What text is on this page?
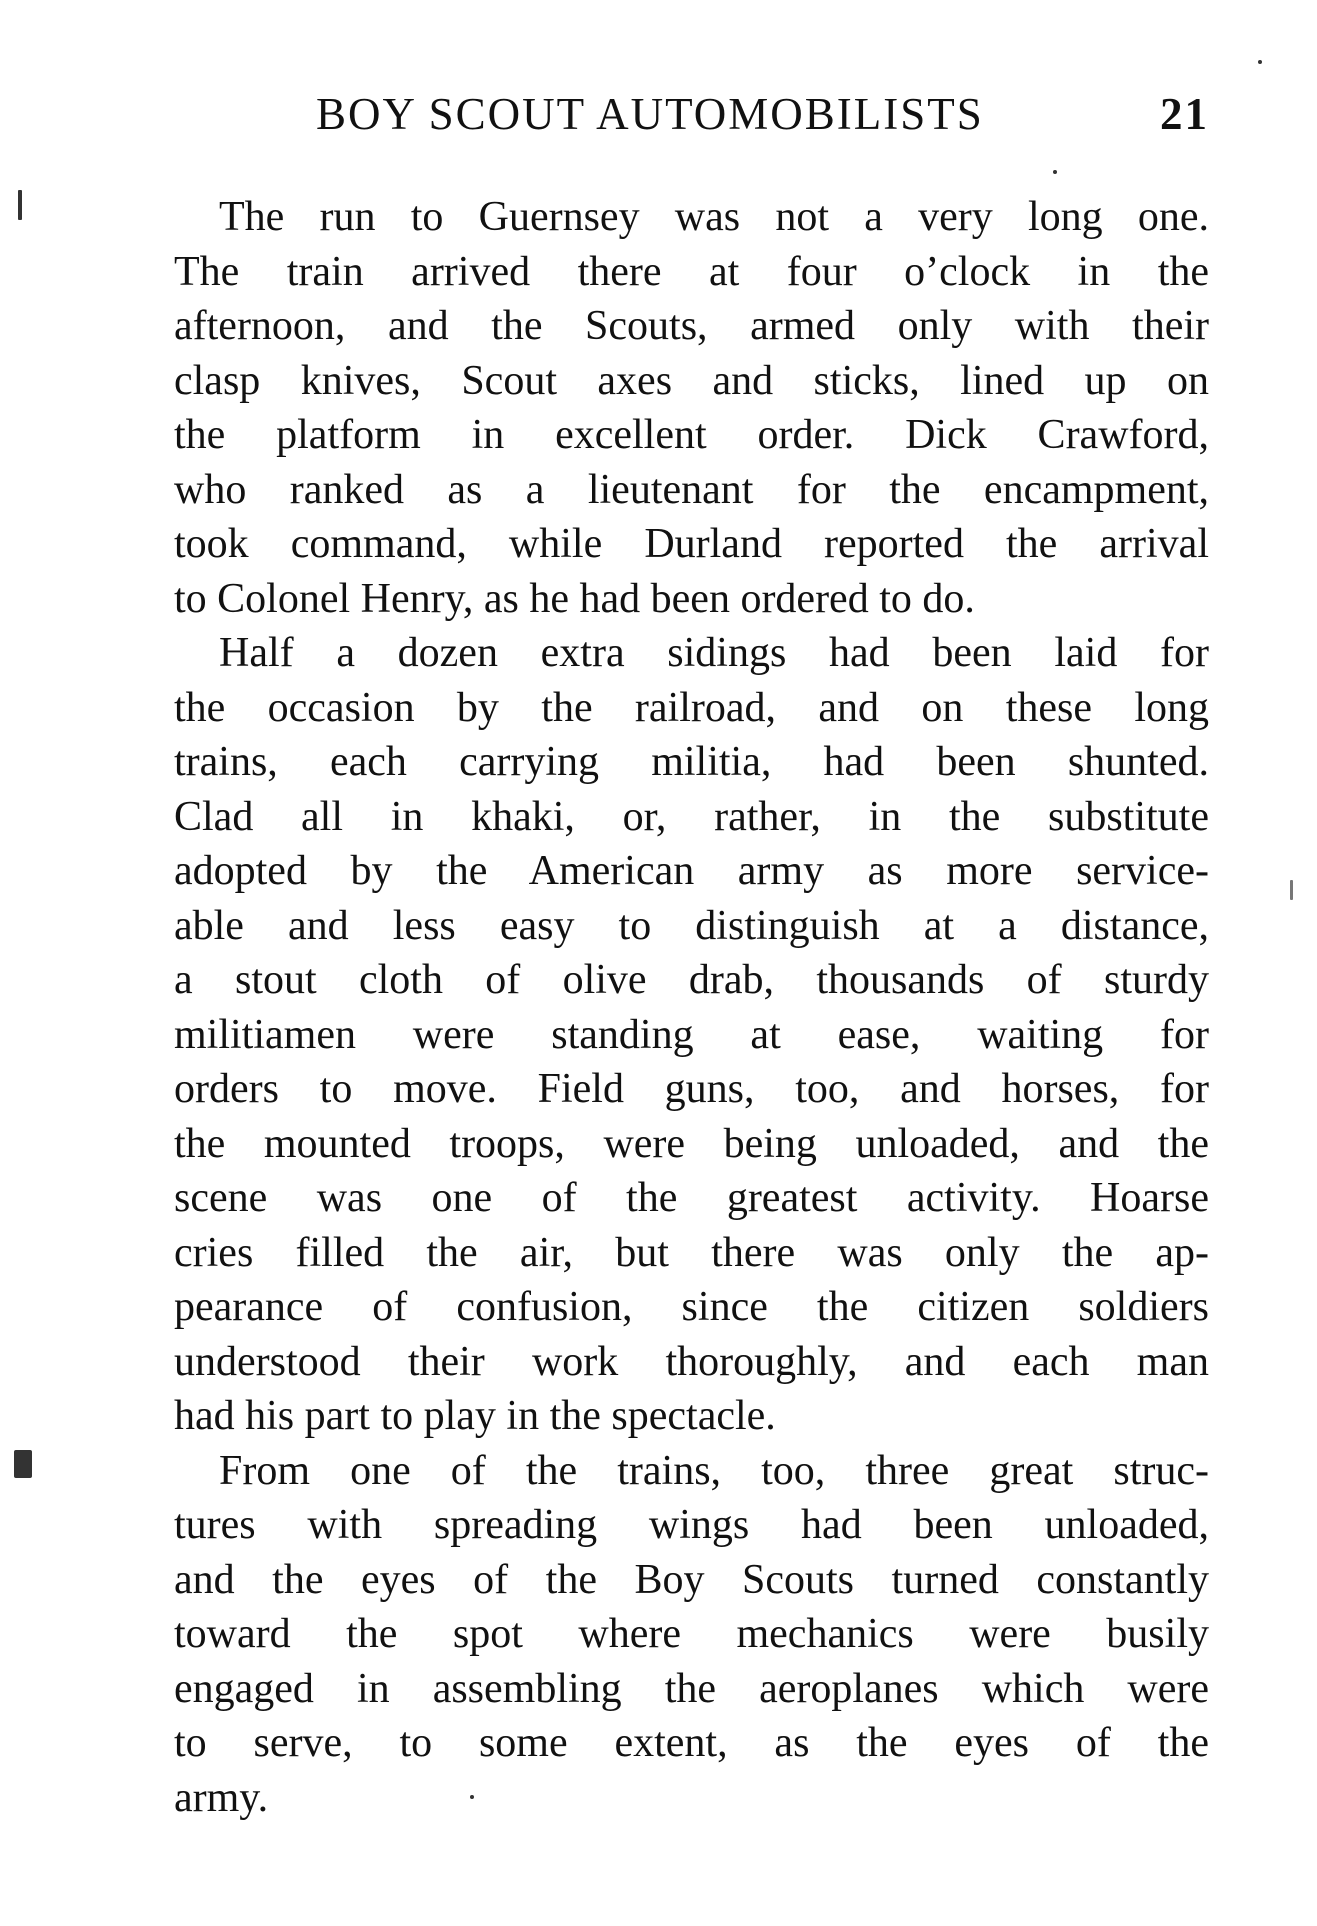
BOY SCOUT AUTOMOBILISTS	21
The run to Guernsey was not a very long one.
The train arrived there at four o’clock in the
afternoon, and the Scouts, armed only with their
clasp knives, Scout axes and sticks, lined up on
the platform in excellent order. Dick Crawford,
who ranked as a lieutenant for the encampment,
took command, while Durland reported the arrival
to Colonel Henry, as he had been ordered to do.
Half a dozen extra sidings had been laid for
the occasion by the railroad, and on these long
trains, each carrying militia, had been shunted.
Clad all in khaki, or, rather, in the substitute
adopted by the American army as more service-
able and less easy to distinguish at a distance,
a stout cloth of olive drab, thousands of sturdy
militiamen were standing at ease, waiting for
orders to move. Field guns, too, and horses, for
the mounted troops, were being unloaded, and the
scene was one of the greatest activity. Hoarse
cries filled the air, but there was only the ap-
pearance of confusion, since the citizen soldiers
understood their work thoroughly, and each man
had his part to play in the spectacle.
From one of the trains, too, three great struc-
tures with spreading wings had been unloaded,
and the eyes of the Boy Scouts turned constantly
toward the spot where mechanics were busily
engaged in assembling the aeroplanes which were
to serve, to some extent, as the eyes of the
army.
